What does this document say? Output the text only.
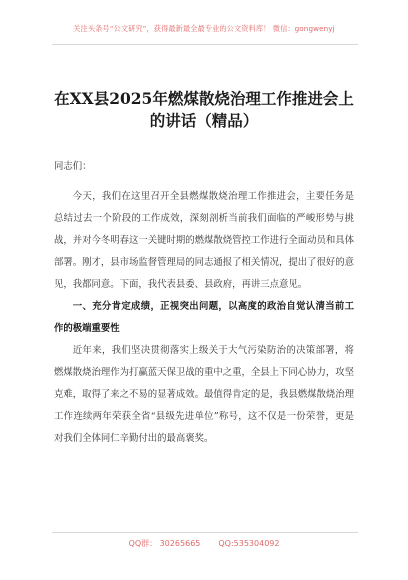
关注头条号“公文研究”，获得最新最全最专业的公文资料库！ 微信：gongwenyj
在XX县2025年燃煤散烧治理工作推进会上的讲话（精品）

同志们：

今天，我们在这里召开全县燃煤散烧治理工作推进会，主要任务是总结过去一个阶段的工作成效，深刻剖析当前我们面临的严峻形势与挑战，并对今冬明春这一关键时期的燃煤散烧管控工作进行全面动员和具体部署。刚才，县市场监督管理局的同志通报了相关情况，提出了很好的意见，我都同意。下面，我代表县委、县政府，再讲三点意见。

一、充分肯定成绩，正视突出问题，以高度的政治自觉认清当前工作的极端重要性

近年来，我们坚决贯彻落实上级关于大气污染防治的决策部署，将燃煤散烧治理作为打赢蓝天保卫战的重中之重，全县上下同心协力，攻坚克难，取得了来之不易的显著成效。最值得肯定的是，我县燃煤散烧治理工作连续两年荣获全省“县级先进单位”称号，这不仅是一份荣誉，更是对我们全体同仁辛勤付出的最高褒奖。

QQ群： 30265665 QQ:535304092
